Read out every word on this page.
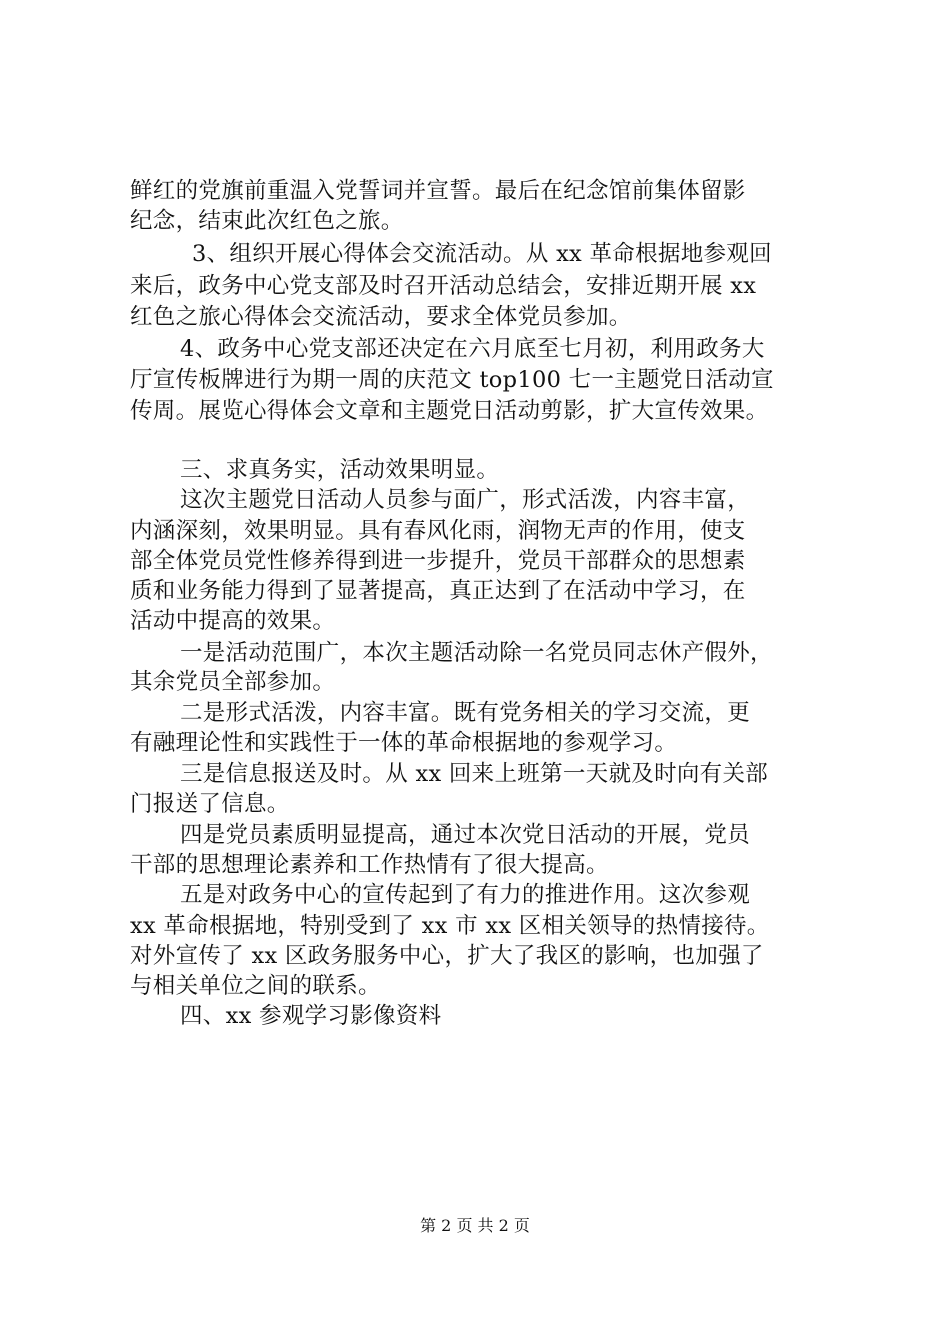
鲜红的党旗前重温入党誓词并宣誓。最后在纪念馆前集体留影
纪念，结束此次红色之旅。
3、组织开展心得体会交流活动。从 xx 革命根据地参观回
来后，政务中心党支部及时召开活动总结会，安排近期开展 xx
红色之旅心得体会交流活动，要求全体党员参加。
4、政务中心党支部还决定在六月底至七月初，利用政务大
厅宣传板牌进行为期一周的庆范文 top100 七一主题党日活动宣
传周。展览心得体会文章和主题党日活动剪影，扩大宣传效果。
三、求真务实，活动效果明显。
这次主题党日活动人员参与面广，形式活泼，内容丰富，
内涵深刻，效果明显。具有春风化雨，润物无声的作用，使支
部全体党员党性修养得到进一步提升，党员干部群众的思想素
质和业务能力得到了显著提高，真正达到了在活动中学习，在
活动中提高的效果。
一是活动范围广，本次主题活动除一名党员同志休产假外，
其余党员全部参加。
二是形式活泼，内容丰富。既有党务相关的学习交流，更
有融理论性和实践性于一体的革命根据地的参观学习。
三是信息报送及时。从 xx 回来上班第一天就及时向有关部
门报送了信息。
四是党员素质明显提高，通过本次党日活动的开展，党员
干部的思想理论素养和工作热情有了很大提高。
五是对政务中心的宣传起到了有力的推进作用。这次参观
xx 革命根据地，特别受到了 xx 市 xx 区相关领导的热情接待。
对外宣传了 xx 区政务服务中心，扩大了我区的影响，也加强了
与相关单位之间的联系。
四、xx 参观学习影像资料
第 2 页 共 2 页
